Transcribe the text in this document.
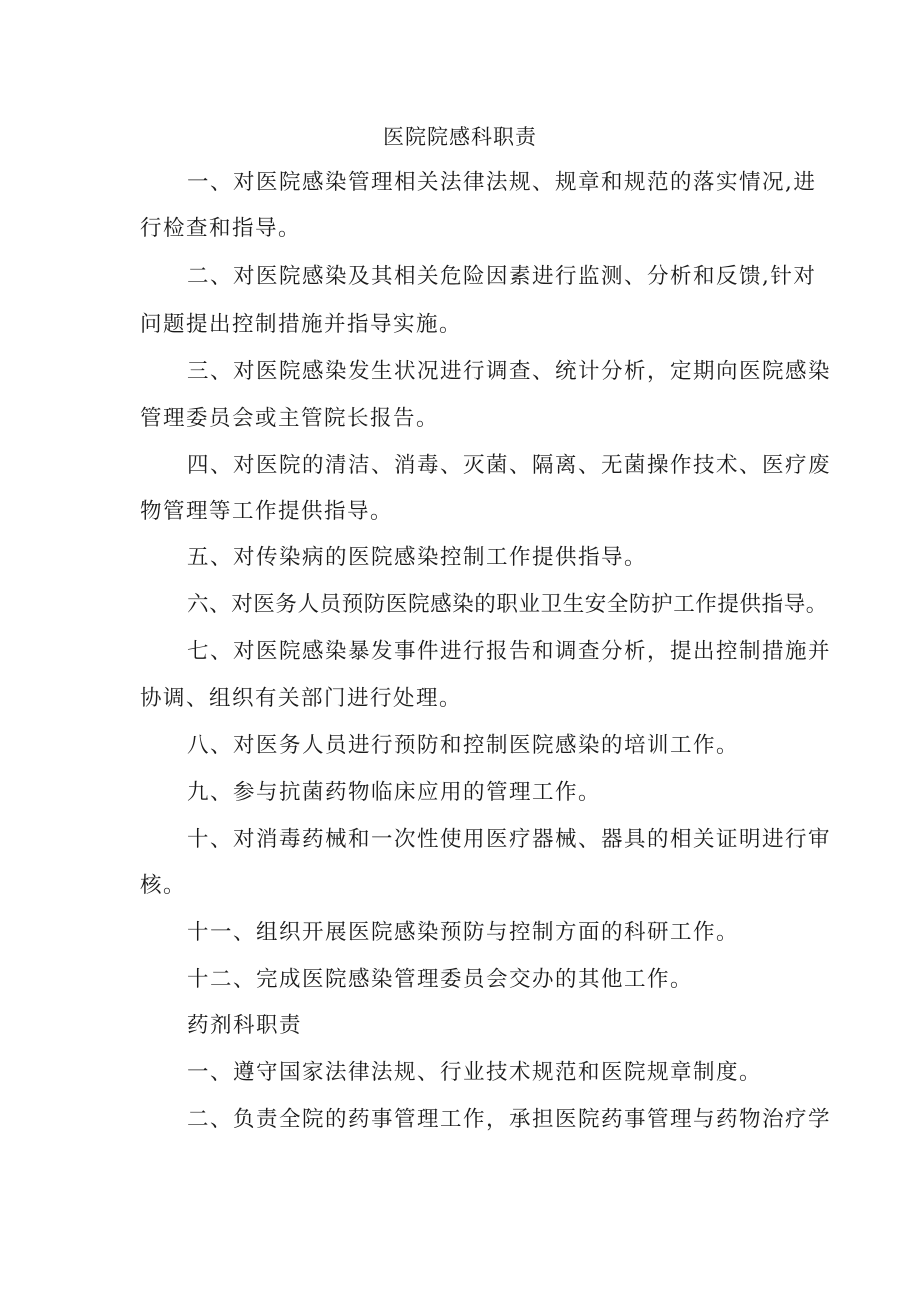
医院院感科职责
一、对医院感染管理相关法律法规、规章和规范的落实情况,进
行检查和指导。
二、对医院感染及其相关危险因素进行监测、分析和反馈,针对
问题提出控制措施并指导实施。
三、对医院感染发生状况进行调查、统计分析，定期向医院感染
管理委员会或主管院长报告。
四、对医院的清洁、消毒、灭菌、隔离、无菌操作技术、医疗废
物管理等工作提供指导。
五、对传染病的医院感染控制工作提供指导。
六、对医务人员预防医院感染的职业卫生安全防护工作提供指导。
七、对医院感染暴发事件进行报告和调查分析，提出控制措施并
协调、组织有关部门进行处理。
八、对医务人员进行预防和控制医院感染的培训工作。
九、参与抗菌药物临床应用的管理工作。
十、对消毒药械和一次性使用医疗器械、器具的相关证明进行审
核。
十一、组织开展医院感染预防与控制方面的科研工作。
十二、完成医院感染管理委员会交办的其他工作。
药剂科职责
一、遵守国家法律法规、行业技术规范和医院规章制度。
二、负责全院的药事管理工作，承担医院药事管理与药物治疗学
